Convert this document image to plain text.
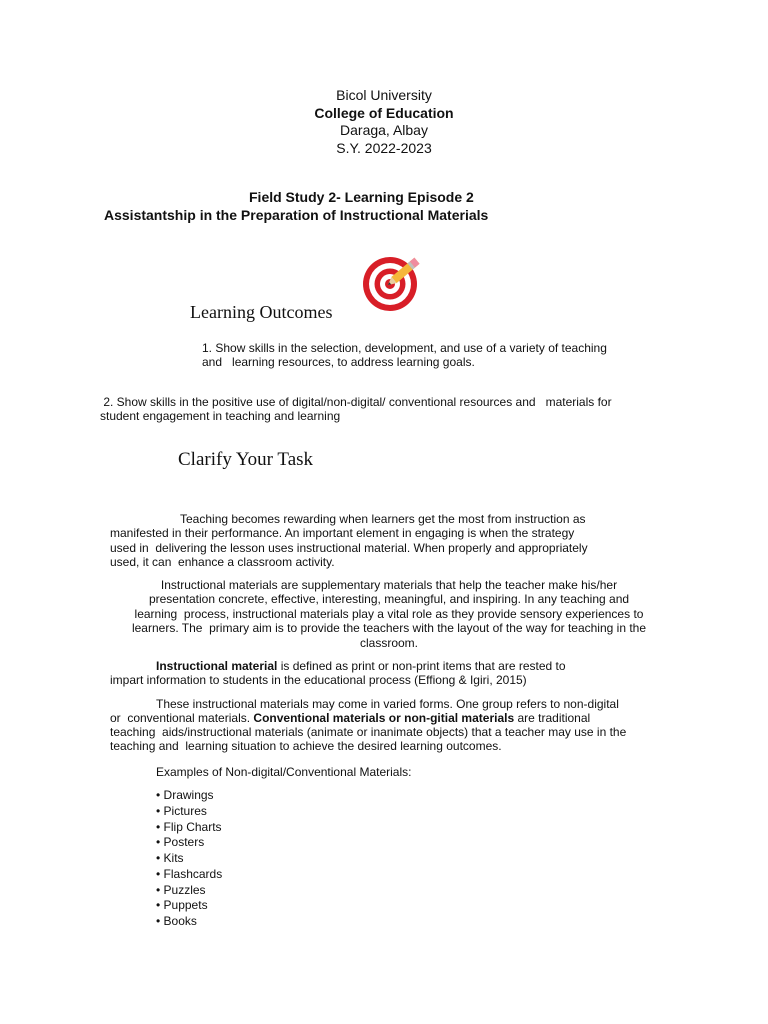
Bicol University
College of Education
Daraga, Albay
S.Y. 2022-2023
Field Study 2- Learning Episode 2
Assistantship in the Preparation of Instructional Materials
Learning Outcomes
1. Show skills in the selection, development, and use of a variety of teaching
and   learning resources, to address learning goals.
2. Show skills in the positive use of digital/non-digital/ conventional resources and   materials for
student engagement in teaching and learning
Clarify Your Task
Teaching becomes rewarding when learners get the most from instruction as
manifested in their performance. An important element in engaging is when the strategy
used in  delivering the lesson uses instructional material. When properly and appropriately
used, it can  enhance a classroom activity.
Instructional materials are supplementary materials that help the teacher make his/her
presentation concrete, effective, interesting, meaningful, and inspiring. In any teaching and
learning  process, instructional materials play a vital role as they provide sensory experiences to
learners. The  primary aim is to provide the teachers with the layout of the way for teaching in the
classroom.
Instructional material is defined as print or non-print items that are rested to
impart information to students in the educational process (Effiong & Igiri, 2015)
These instructional materials may come in varied forms. One group refers to non-digital
or  conventional materials. Conventional materials or non-gitial materials are traditional
teaching  aids/instructional materials (animate or inanimate objects) that a teacher may use in the
teaching and  learning situation to achieve the desired learning outcomes.
Examples of Non-digital/Conventional Materials:
• Drawings
• Pictures
• Flip Charts
• Posters
• Kits
• Flashcards
• Puzzles
• Puppets
• Books
